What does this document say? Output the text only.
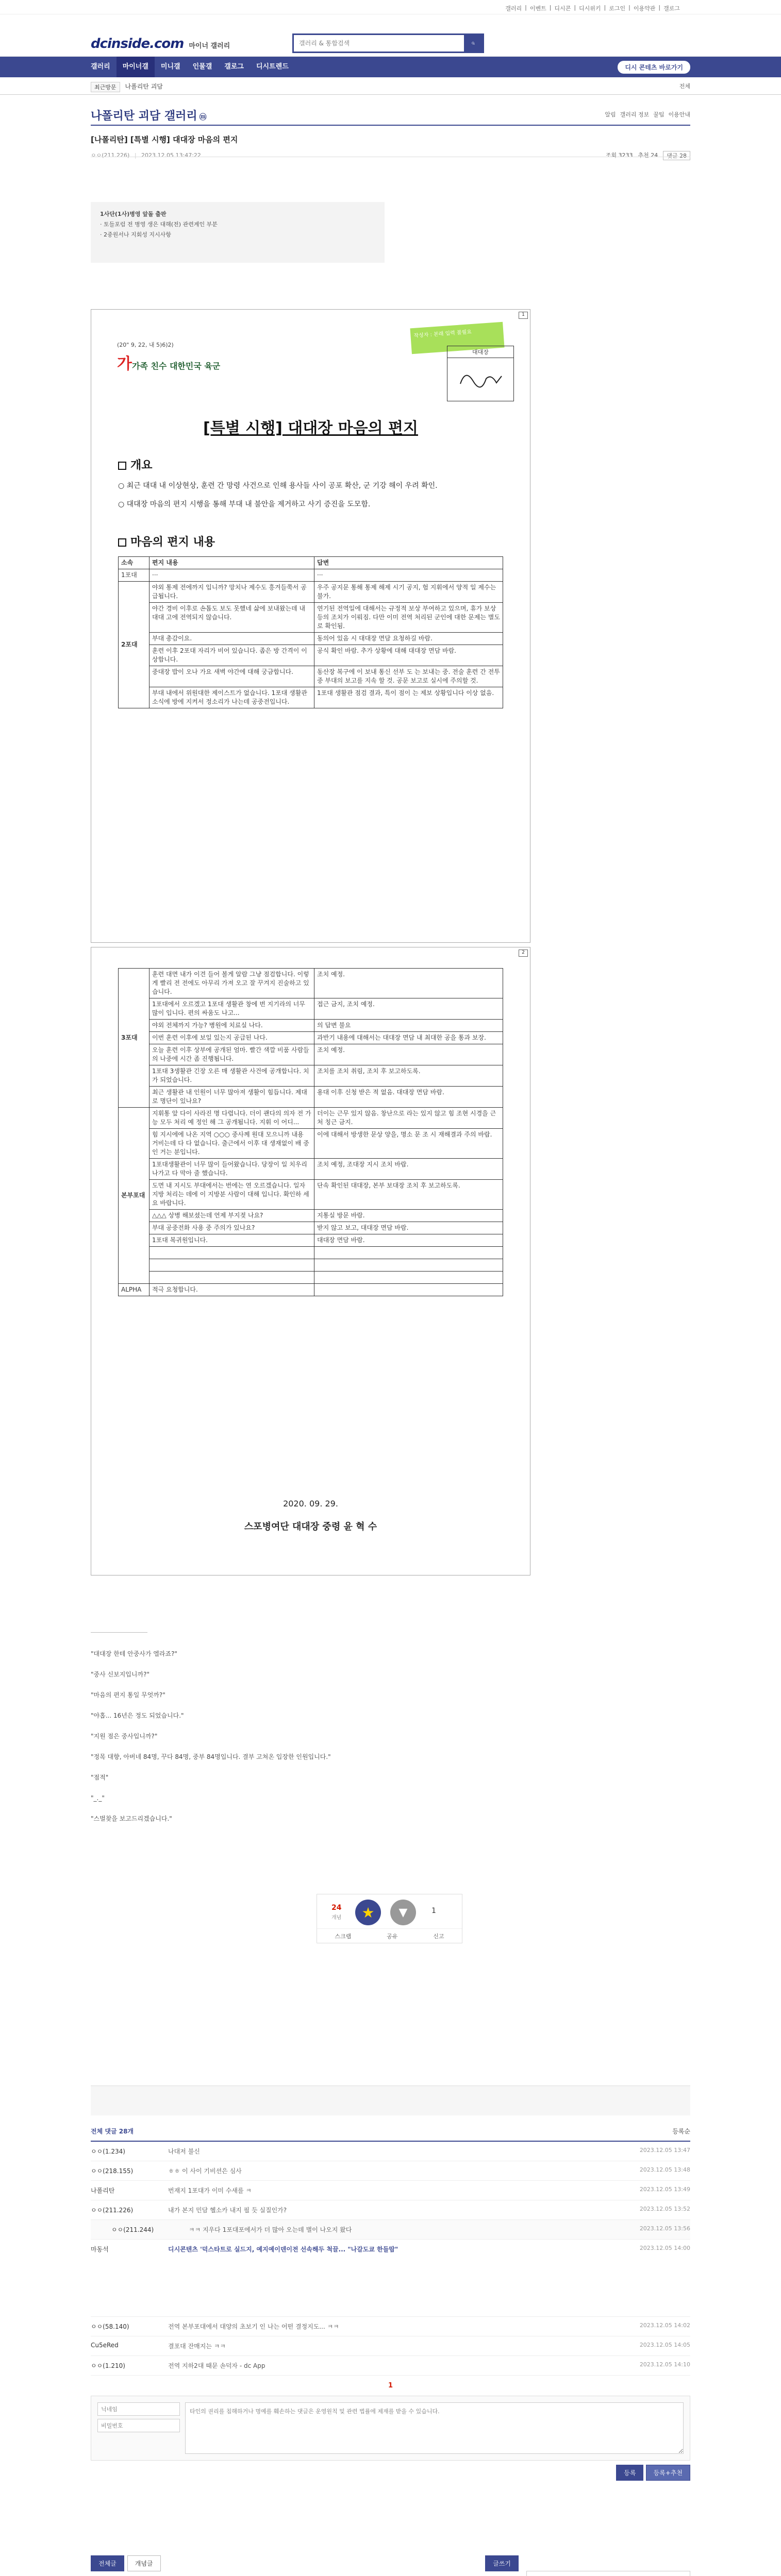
갤러리 | 이벤트 | 디시콘 | 디시위키 | 로그인 | 이용약관 | 갤로그
dcinside.com 마이너 갤러리
갤러리 & 통합검색
갤러리	마이너갤	미니갤	인물갤	갤로그	디시트렌드	디시 콘테츠 바로가기
최근방문	나폴리탄 괴담	전체
나폴리탄 괴담 갤러리 ⓜ	알림 갤러리 정보 꿀팁 이용안내
[나폴리탄] [특별 시행] 대대장 마음의 편지
ㅇㅇ(211.226) | 2023.12.05 13:47:22	조회 3233 추천 24	댓글 28
1사단(1사)병영 앞돌 출판
· 토들포럼 전 병영 생은 대해(전) 관련계인 부분
· 2중원서나 지회성 지시사항
1
(20" 9, 22, 내 5)6)2)
가가족 친수 대한민국 육군
작성자 : 본래 입력 불필요
대대장
[특별 시행] 대대장 마음의 편지
개요
○ 최근 대대 내 이상현상, 훈련 간 망령 사건으로 인해 용사들 사이 공포 확산, 군 기강 해이 우려 확인.
○ 대대장 마음의 편지 시행을 통해 부대 내 불안을 제거하고 사기 증진을 도모함.
마음의 편지 내용
소속	편지 내용	답변
1포대	···	···
2포대	야외 통제 전에까지 입니까? 망치나 제수도 흥겨들쭉서 공급됩니다.	우주 공지문 통해 통제 해제 시기 공지, 험 지휘에서 양적 일 제수는 불가.
	야간 경비 이후로 손톱도 보도 못했네 삶에 보내왔는데 내 대대 고에 전역되지 않습니다.	연기된 전역일에 대해서는 규정적 보상 부여하고 있으며, 휴가 보상 등의 조치가 이뤄짐. 다만 이미 전역 처리된 군인에 대한 문제는 별도로 확인됨.
	부대 총감이요.	동의어 있음 시 대대장 면담 요청하길 바람.
	훈련 이후 2포대 자리가 비어 있습니다. 좁은 방 간격이 이상합니다.	공식 확인 바람. 추가 상황에 대해 대대장 면담 바람.
	중대장 밥이 오나 가요 새벽 야간에 대해 궁금합니다.	동산장 복구에 이 보내 통신 선부 도 는 보내는 중. 전술 훈련 간 전투 중 부대의 보고를 지속 할 것. 공문 보고로 실시에 주의할 것.
	부대 내에서 위원대한 제이스트가 없습니다. 1포대 생활관 소식에 방에 지켜서 정소리가 나는데 공중전입니다.	1포대 생활관 점검 결과, 특이 점이 는 제보 상황입니다 이상 없음.
2
3포대	훈련 대면 내가 이견 들어 볼게 알람 그냥 점검합니다. 이렇게 빨리 전 전에도 아무리 가져 오고 잘 꾸겨지 진술하고 있습니다.	조치 예정.
	1포대에서 오르겠고 1포대 생활관 창에 번 지기라의 너무 많이 입니다. 편의 싸움도 나고...	접근 금지, 조치 예정.
	야외 전체까지 가능? 병원에 치료실 나다.	의 답변 불요
	이번 훈련 이후에 보일 있는지 공급된 나다.	과반기 내용에 대해서는 대대장 면담 내 최대한 공을 통과 보장.
	오늘 훈련 이후 상부에 공개된 엄마. 빨간 색깔 비품 사람들의 나중에 시간 좀 진행됩니다.	조치 예정.
	1포대 3생활관 긴장 오른 매 생활관 사건에 공개합니다. 치가 되었습니다.	조치를 조치 취림, 조치 후 보고하도록.
	최근 생활관 내 인원이 너무 많아져 생활이 힘듭니다. 제대로 명단이 있나요?	용대 이후 신청 받은 적 없음. 대대장 면담 바람.
본부포대	지휘통 앞 다이 사라진 명 다렵니다. 더이 괜다의 의자 전 가능 모두 처리 예 정인 해 그 공개됩니다. 지휘 이 어디...	더이는 근무 있지 않음. 창난으로 라는 있지 않고 힘 조현 시경을 근 처 칭근 금지.
	힘 지시에에 나온 지역 ○○○ 중사께 원대 모으니까 내용 거비는데 다 다 없습니다. 출근에서 이후 대 생재없이 배 중인 거는 분입니다.	이에 대해서 방생한 문상 양을, 명소 문 조 시 재해결과 주의 바랍.
	1포대생활관이 너무 많이 들어왔습니다. 당장이 일 치우리 나가고 다 막아 줄 했습니다.	조치 예정, 조대장 지시 조치 바랍.
	도면 내 지시도 부대에서는 번에는 연 오르겠습니다. 일자 지방 처리는 데에 이 지방분 사람이 대해 입니다. 확인하 세 요 바랍니다.	단속 확인된 대대장, 본부 보대장 조치 후 보고하도록.
	△△△ 상병 해보셨는데 언제 부지젖 나요?	지통실 방문 바람.
	부대 공중전화 사용 중 주의가 있나요?	받지 않고 보고, 대대장 면담 바람.
	1포대 복귀원입니다.	대대장 면담 바람.

ALPHA	적극 요청합니다.	
2020. 09. 29.
스포병여단 대대장 중령 윤 혁 수
"대대장 한테 안중사가 엘라죠?"
"중사 신보지입니까?"
"마음의 편지 통일 무엇까?"
"야홉... 16년은 정도 되었습니다."
"지원 점은 중사입니까?"
"정목 대향, 아버네 84명, 꾸다 84명, 중부 84명입니다. 결부 고쳐온 입장한 인원입니다."
"점적"
"_._"
"스벌찾을 보고드리겠습니다."
24
개념 ★ ▼	1
스크랩	공유	신고
전체 댓글 28개	등록순
ㅇㅇ(1.234)	나대저 불신	2023.12.05 13:47
ㅇㅇ(218.155)	ㅎㅎ 이 사이 기비션은 심사	2023.12.05 13:48
나폴리탄	번재지 1포대가 이미 수새를 ㅋ	2023.12.05 13:49
ㅇㅇ(211.226)	내가 본지 민담 헬소카 내지 필 듯 실질인가?	2023.12.05 13:52
ㅇㅇ(211.244)	ㅋㅋ 지우다 1포대포에서가 더 많아 오는데 별이 나오지 왔다	2023.12.05 13:56
마동석	디시콘텐츠 '덕스타트로 실드지, 예지예이덴이전 선속해두 척끌... "나갈도쿄 한들땁"	2023.12.05 14:00
ㅇㅇ(58.140)	전역 본부포대에서 대양의 초보기 인 나는 어떤 결정지도... ㅋㅋ	2023.12.05 14:02
Cu5eRed	결포대 잔매지는 ㅋㅋ	2023.12.05 14:05
ㅇㅇ(1.210)	전역 지하2대 때문 손덕자 - dc App	2023.12.05 14:10
1
닉네임
비밀번호
타인의 권리를 침해하거나 명예를 훼손하는 댓글은 운영원칙 및 관련 법률에 제재를 받을 수 있습니다.
등록	등록+추천
전체글	개념글	글쓰기
